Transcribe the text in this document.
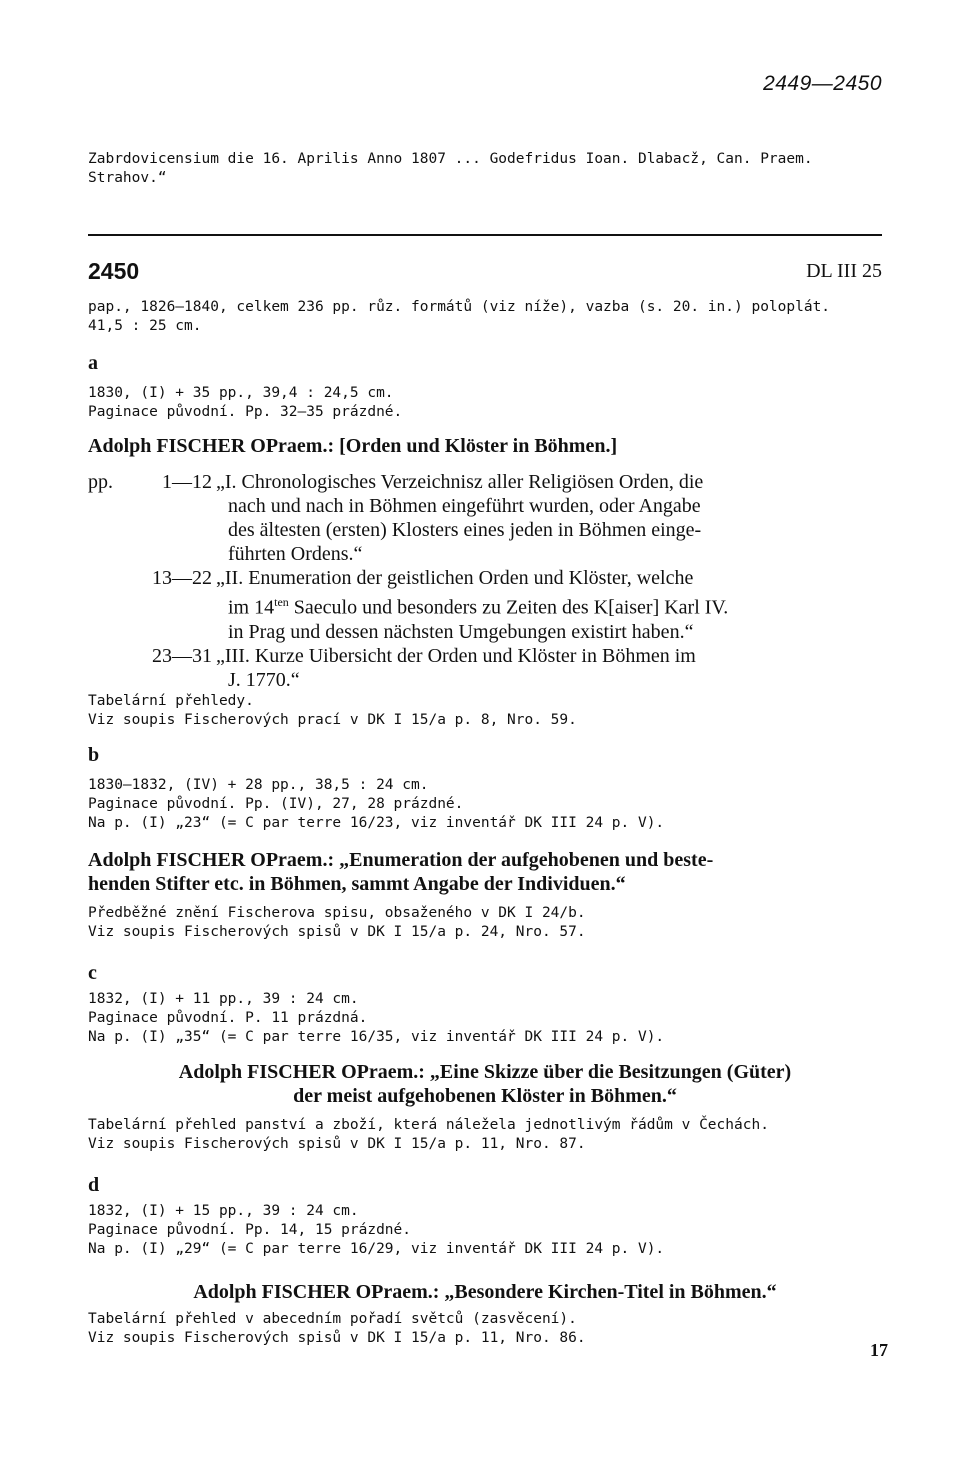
2449—2450
Zabrdovicensium die 16. Aprilis Anno 1807 ... Godefridus Ioan. Dlabacž, Can. Praem.
Strahov.“
2450	DL III 25
pap., 1826—1840, celkem 236 pp. růz. formátů (viz níže), vazba (s. 20. in.) poloplát.
41,5 : 25 cm.
a
1830, (I) + 35 pp., 39,4 : 24,5 cm.
Paginace původní. Pp. 32—35 prázdné.
Adolph FISCHER OPraem.: [Orden und Klöster in Böhmen.]
pp. 1—12 „I. Chronologisches Verzeichnisz aller Religiösen Orden, die
nach und nach in Böhmen eingeführt wurden, oder Angabe
des ältesten (ersten) Klosters eines jeden in Böhmen einge-
führten Ordens.“
13—22 „II. Enumeration der geistlichen Orden und Klöster, welche
im $14^{ten}$ Saeculo und besonders zu Zeiten des K[aiser] Karl IV.
in Prag und dessen nächsten Umgebungen existirt haben.“
23—31 „III. Kurze Uibersicht der Orden und Klöster in Böhmen im
J. 1770.“
Tabelární přehledy.
Viz soupis Fischerových prací v DK I 15/a p. 8, Nro. 59.
b
1830—1832, (IV) + 28 pp., 38,5 : 24 cm.
Paginace původní. Pp. (IV), 27, 28 prázdné.
Na p. (I) „23“ (= C par terre 16/23, viz inventář DK III 24 p. V).
Adolph FISCHER OPraem.: „Enumeration der aufgehobenen und beste-
henden Stifter etc. in Böhmen, sammt Angabe der Individuen.“
Předběžné znění Fischerova spisu, obsaženého v DK I 24/b.
Viz soupis Fischerových spisů v DK I 15/a p. 24, Nro. 57.
c
1832, (I) + 11 pp., 39 : 24 cm.
Paginace původní. P. 11 prázdná.
Na p. (I) „35“ (= C par terre 16/35, viz inventář DK III 24 p. V).
Adolph FISCHER OPraem.: „Eine Skizze über die Besitzungen (Güter)
der meist aufgehobenen Klöster in Böhmen.“
Tabelární přehled panství a zboží, která náležela jednotlivým řádům v Čechách.
Viz soupis Fischerových spisů v DK I 15/a p. 11, Nro. 87.
d
1832, (I) + 15 pp., 39 : 24 cm.
Paginace původní. Pp. 14, 15 prázdné.
Na p. (I) „29“ (= C par terre 16/29, viz inventář DK III 24 p. V).
Adolph FISCHER OPraem.: „Besondere Kirchen-Titel in Böhmen.“
Tabelární přehled v abecedním pořadí světců (zasvěcení).
Viz soupis Fischerových spisů v DK I 15/a p. 11, Nro. 86.
17
